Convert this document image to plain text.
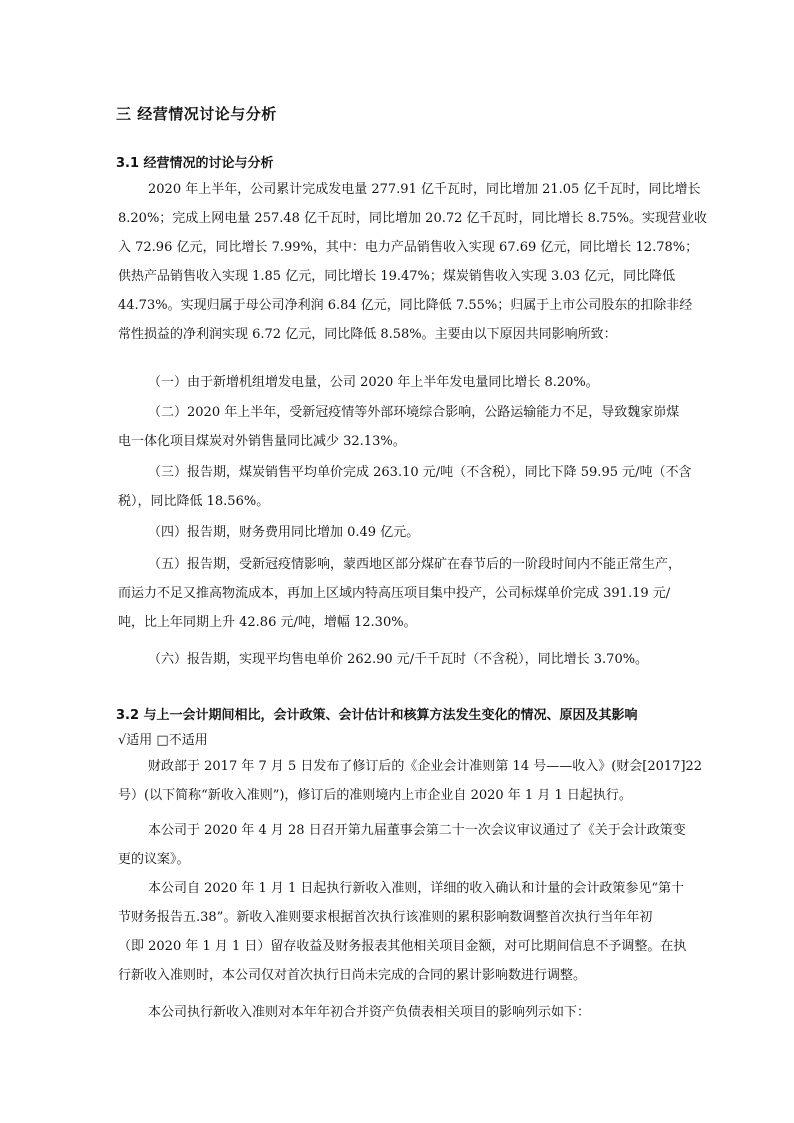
三 经营情况讨论与分析
3.1 经营情况的讨论与分析
2020 年上半年，公司累计完成发电量 277.91 亿千瓦时，同比增加 21.05 亿千瓦时，同比增长
8.20%；完成上网电量 257.48 亿千瓦时，同比增加 20.72 亿千瓦时，同比增长 8.75%。实现营业收
入 72.96 亿元，同比增长 7.99%，其中：电力产品销售收入实现 67.69 亿元，同比增长 12.78%；
供热产品销售收入实现 1.85 亿元，同比增长 19.47%；煤炭销售收入实现 3.03 亿元，同比降低
44.73%。实现归属于母公司净利润 6.84 亿元，同比降低 7.55%；归属于上市公司股东的扣除非经
常性损益的净利润实现 6.72 亿元，同比降低 8.58%。主要由以下原因共同影响所致：
（一）由于新增机组增发电量，公司 2020 年上半年发电量同比增长 8.20%。
（二）2020 年上半年，受新冠疫情等外部环境综合影响，公路运输能力不足，导致魏家峁煤
电一体化项目煤炭对外销售量同比减少 32.13%。
（三）报告期，煤炭销售平均单价完成 263.10 元/吨（不含税），同比下降 59.95 元/吨（不含
税），同比降低 18.56%。
（四）报告期，财务费用同比增加 0.49 亿元。
（五）报告期，受新冠疫情影响，蒙西地区部分煤矿在春节后的一阶段时间内不能正常生产，
而运力不足又推高物流成本，再加上区域内特高压项目集中投产，公司标煤单价完成 391.19 元/
吨，比上年同期上升 42.86 元/吨，增幅 12.30%。
（六）报告期，实现平均售电单价 262.90 元/千千瓦时（不含税），同比增长 3.70%。
3.2 与上一会计期间相比，会计政策、会计估计和核算方法发生变化的情况、原因及其影响
√适用 □不适用
财政部于 2017 年 7 月 5 日发布了修订后的《企业会计准则第 14 号——收入》(财会[2017]22
号）(以下简称“新收入准则”)，修订后的准则境内上市企业自 2020 年 1 月 1 日起执行。
本公司于 2020 年 4 月 28 日召开第九届董事会第二十一次会议审议通过了《关于会计政策变
更的议案》。
本公司自 2020 年 1 月 1 日起执行新收入准则，详细的收入确认和计量的会计政策参见“第十
节财务报告五.38”。新收入准则要求根据首次执行该准则的累积影响数调整首次执行当年年初
（即 2020 年 1 月 1 日）留存收益及财务报表其他相关项目金额，对可比期间信息不予调整。在执
行新收入准则时，本公司仅对首次执行日尚未完成的合同的累计影响数进行调整。
本公司执行新收入准则对本年年初合并资产负债表相关项目的影响列示如下：
